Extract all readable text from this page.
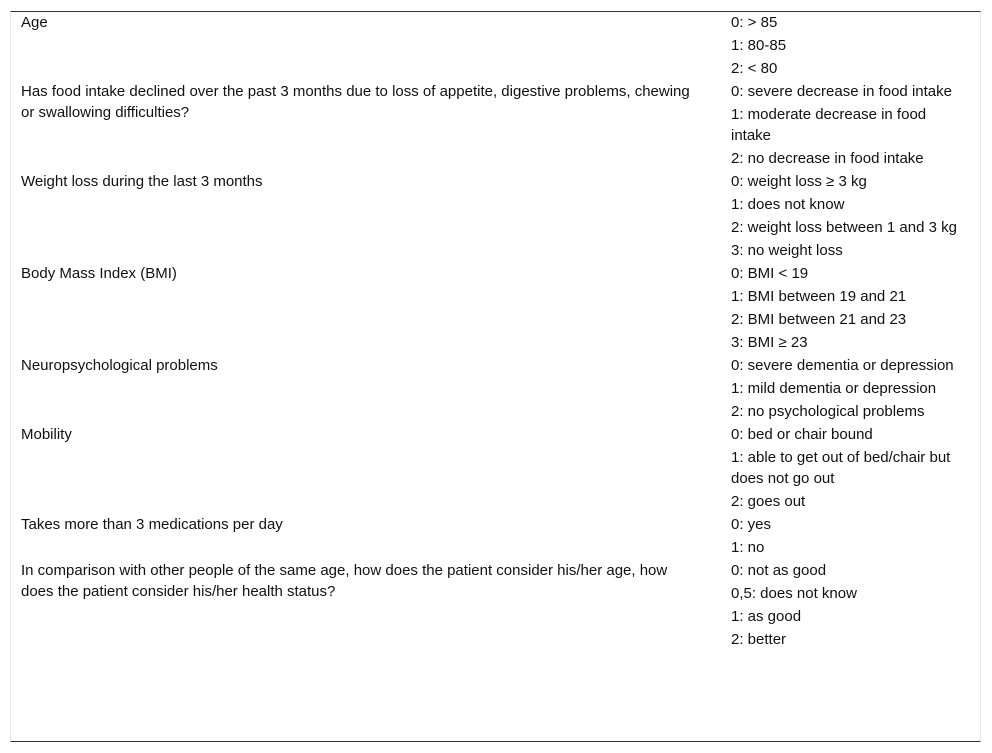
Age	0: > 85
	1: 80-85
	2: < 80
Has food intake declined over the past 3 months due to loss of appetite, digestive problems, chewing or swallowing difficulties?	0: severe decrease in food intake
	1: moderate decrease in food intake
	2: no decrease in food intake
Weight loss during the last 3 months	0: weight loss ≥ 3 kg
	1: does not know
	2: weight loss between 1 and 3 kg
	3: no weight loss
Body Mass Index (BMI)	0: BMI < 19
	1: BMI between 19 and 21
	2: BMI between 21 and 23
	3: BMI ≥ 23
Neuropsychological problems	0: severe dementia or depression
	1: mild dementia or depression
	2: no psychological problems
Mobility	0: bed or chair bound
	1: able to get out of bed/chair but does not go out
	2: goes out
Takes more than 3 medications per day	0: yes
	1: no
In comparison with other people of the same age, how does the patient consider his/her age, how does the patient consider his/her health status?	0: not as good
	0,5: does not know
	1: as good
	2: better
